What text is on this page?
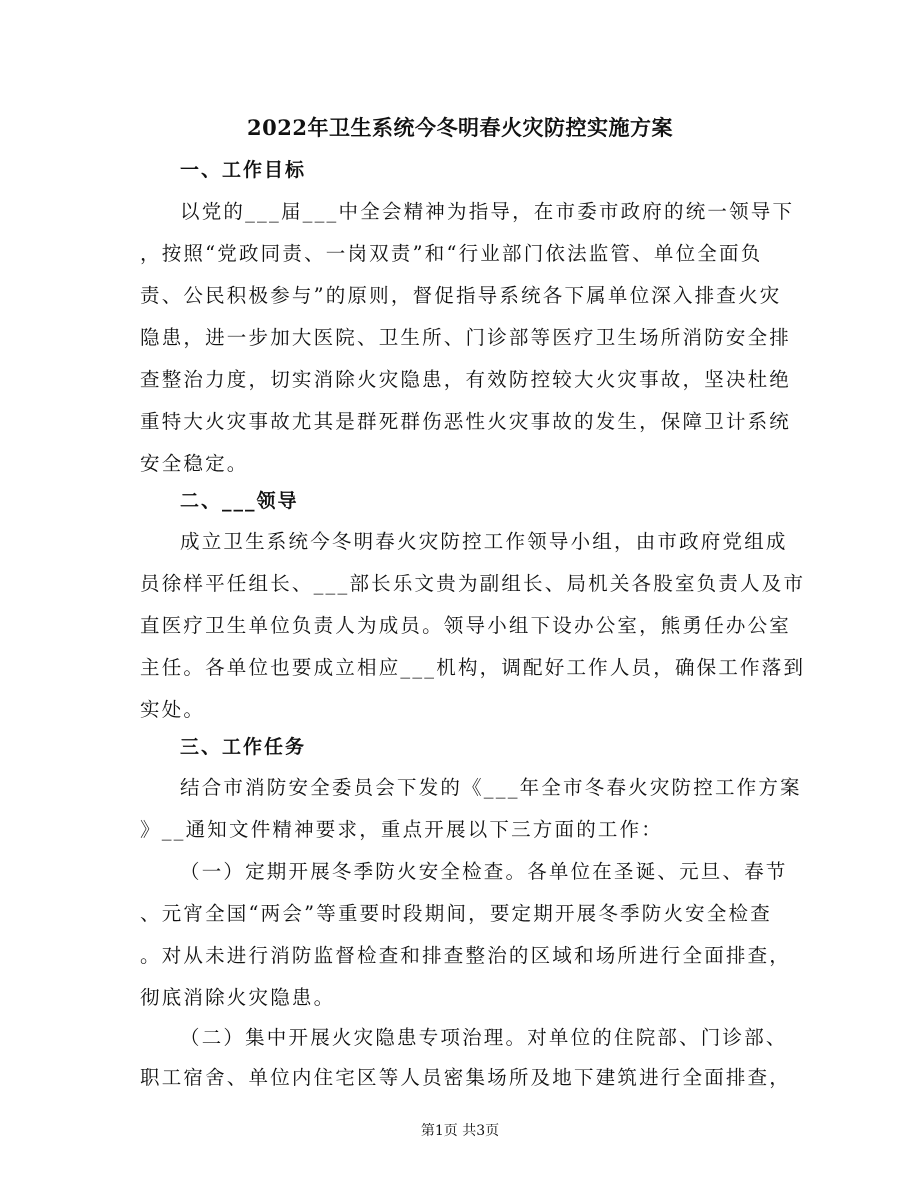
2022年卫生系统今冬明春火灾防控实施方案
一、工作目标
以党的___届___中全会精神为指导，在市委市政府的统一领导下
，按照“党政同责、一岗双责”和“行业部门依法监管、单位全面负
责、公民积极参与”的原则，督促指导系统各下属单位深入排查火灾
隐患，进一步加大医院、卫生所、门诊部等医疗卫生场所消防安全排
查整治力度，切实消除火灾隐患，有效防控较大火灾事故，坚决杜绝
重特大火灾事故尤其是群死群伤恶性火灾事故的发生，保障卫计系统
安全稳定。
二、___领导
成立卫生系统今冬明春火灾防控工作领导小组，由市政府党组成
员徐样平任组长、___部长乐文贵为副组长、局机关各股室负责人及市
直医疗卫生单位负责人为成员。领导小组下设办公室，熊勇任办公室
主任。各单位也要成立相应___机构，调配好工作人员，确保工作落到
实处。
三、工作任务
结合市消防安全委员会下发的《___年全市冬春火灾防控工作方案
》__通知文件精神要求，重点开展以下三方面的工作：
（一）定期开展冬季防火安全检查。各单位在圣诞、元旦、春节
、元宵全国“两会”等重要时段期间，要定期开展冬季防火安全检查
。对从未进行消防监督检查和排查整治的区域和场所进行全面排查，
彻底消除火灾隐患。
（二）集中开展火灾隐患专项治理。对单位的住院部、门诊部、
职工宿舍、单位内住宅区等人员密集场所及地下建筑进行全面排查，
第1页 共3页
